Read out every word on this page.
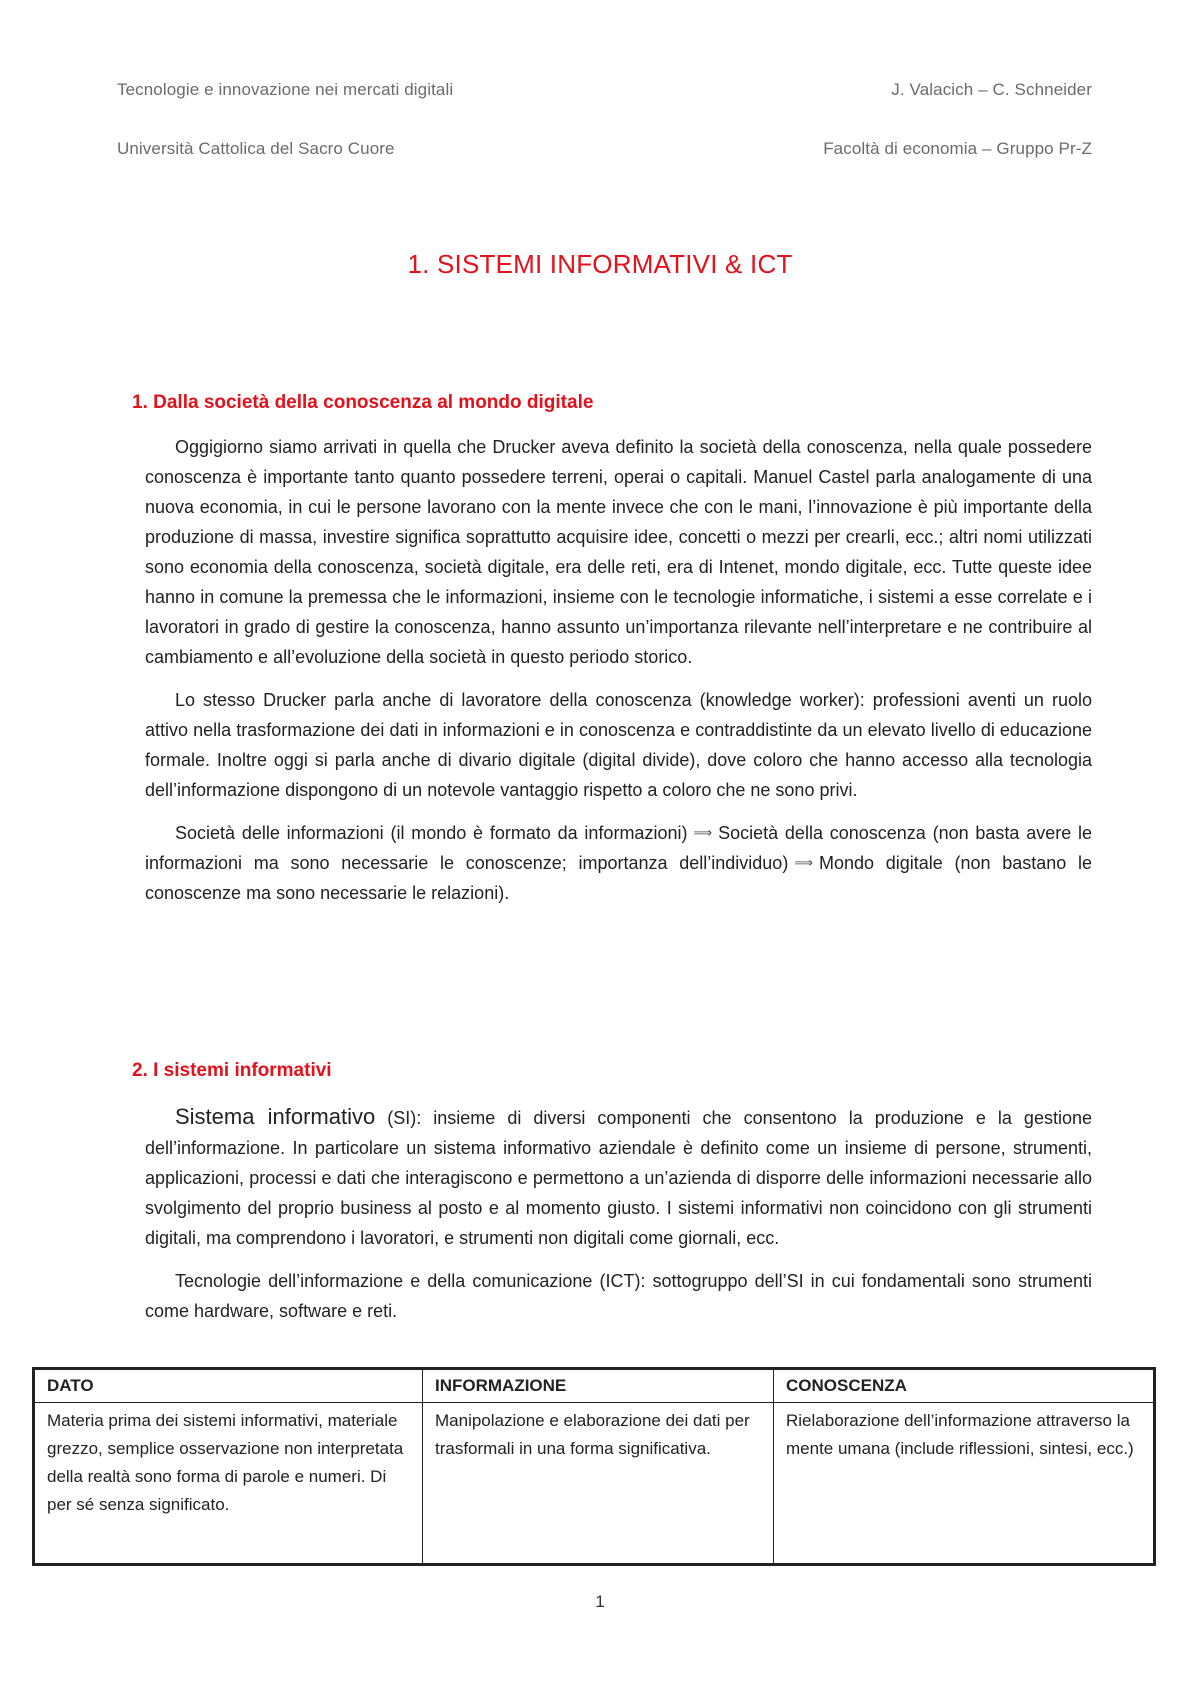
Tecnologie e innovazione nei mercati digitali	J. Valacich – C. Schneider
Università Cattolica del Sacro Cuore	Facoltà di economia – Gruppo Pr-Z
1. SISTEMI INFORMATIVI & ICT
1. Dalla società della conoscenza al mondo digitale

Oggigiorno siamo arrivati in quella che Drucker aveva definito la società della conoscenza, nella quale possedere conoscenza è importante tanto quanto possedere terreni, operai o capitali. Manuel Castel parla analogamente di una nuova economia, in cui le persone lavorano con la mente invece che con le mani, l’innovazione è più importante della produzione di massa, investire significa soprattutto acquisire idee, concetti o mezzi per crearli, ecc.; altri nomi utilizzati sono economia della conoscenza, società digitale, era delle reti, era di Intenet, mondo digitale, ecc. Tutte queste idee hanno in comune la premessa che le informazioni, insieme con le tecnologie informatiche, i sistemi a esse correlate e i lavoratori in grado di gestire la conoscenza, hanno assunto un’importanza rilevante nell’interpretare e ne contribuire al cambiamento e all’evoluzione della società in questo periodo storico.

Lo stesso Drucker parla anche di lavoratore della conoscenza (knowledge worker): professioni aventi un ruolo attivo nella trasformazione dei dati in informazioni e in conoscenza e contraddistinte da un elevato livello di educazione formale. Inoltre oggi si parla anche di divario digitale (digital divide), dove coloro che hanno accesso alla tecnologia dell’informazione dispongono di un notevole vantaggio rispetto a coloro che ne sono privi.

Società delle informazioni (il mondo è formato da informazioni) ⟹ Società della conoscenza (non basta avere le informazioni ma sono necessarie le conoscenze; importanza dell’individuo) ⟹ Mondo digitale (non bastano le conoscenze ma sono necessarie le relazioni).

2. I sistemi informativi

Sistema informativo (SI): insieme di diversi componenti che consentono la produzione e la gestione dell’informazione. In particolare un sistema informativo aziendale è definito come un insieme di persone, strumenti, applicazioni, processi e dati che interagiscono e permettono a un’azienda di disporre delle informazioni necessarie allo svolgimento del proprio business al posto e al momento giusto. I sistemi informativi non coincidono con gli strumenti digitali, ma comprendono i lavoratori, e strumenti non digitali come giornali, ecc.

Tecnologie dell’informazione e della comunicazione (ICT): sottogruppo dell’SI in cui fondamentali sono strumenti come hardware, software e reti.

DATO	INFORMAZIONE	CONOSCENZA
Materia prima dei sistemi informativi, materiale grezzo, semplice osservazione non interpretata della realtà sono forma di parole e numeri. Di per sé senza significato.	Manipolazione e elaborazione dei dati per trasformali in una forma significativa.	Rielaborazione dell’informazione attraverso la mente umana (include riflessioni, sintesi, ecc.)
1
